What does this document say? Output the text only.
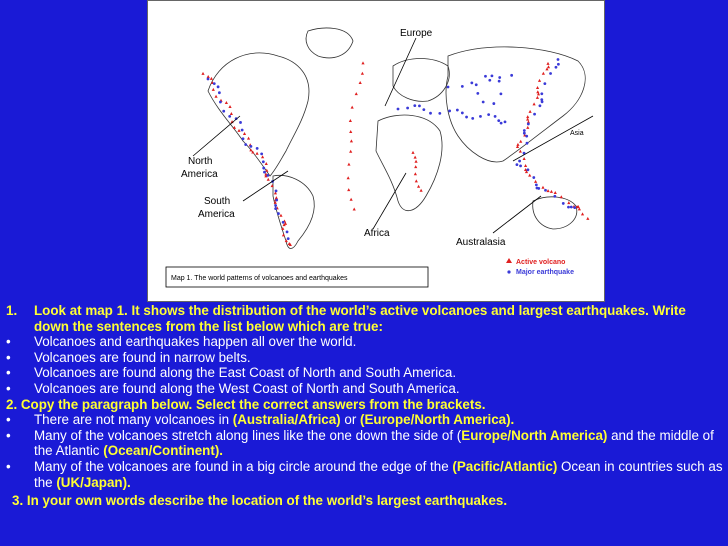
Europe
Asia
North
America
South
America
Africa
Australasia
Map 1. The world patterns of volcanoes and earthquakes
Active volcano
Major earthquake
1. Look at map 1. It shows the distribution of the world’s active volcanoes and largest earthquakes. Write down the sentences from the list below which are true:
• Volcanoes and earthquakes happen all over the world.
• Volcanoes are found in narrow belts.
• Volcanoes are found along the East Coast of North and South America.
• Volcanoes are found along the West Coast of North and South America.
2. Copy the paragraph below. Select the correct answers from the brackets.
• There are not many volcanoes in (Australia/Africa) or (Europe/North America).
• Many of the volcanoes stretch along lines like the one down the side of (Europe/North America) and the middle of the Atlantic (Ocean/Continent).
• Many of the volcanoes are found in a big circle around the edge of the (Pacific/Atlantic) Ocean in countries such as the (UK/Japan).
3. In your own words describe the location of the world’s largest earthquakes.
